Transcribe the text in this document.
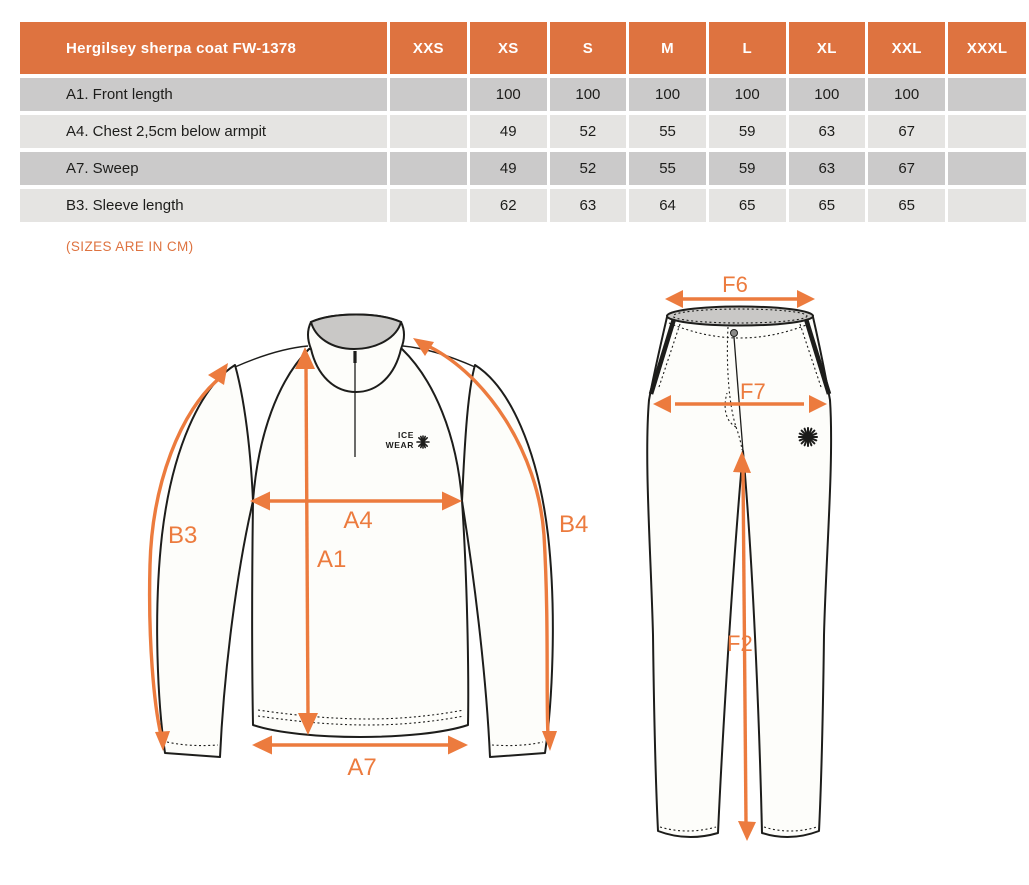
Hergilsey sherpa coat FW-1378	XXS	XS	S	M	L	XL	XXL	XXXL
A1. Front length		100	100	100	100	100	100	
A4. Chest 2,5cm below armpit		49	52	55	59	63	67	
A7. Sweep		49	52	55	59	63	67	
B3. Sleeve length		62	63	64	65	65	65	
(SIZES ARE IN CM)
ICE
WEAR
A4
A1
A7
B3	B4
F6
F7
F2
